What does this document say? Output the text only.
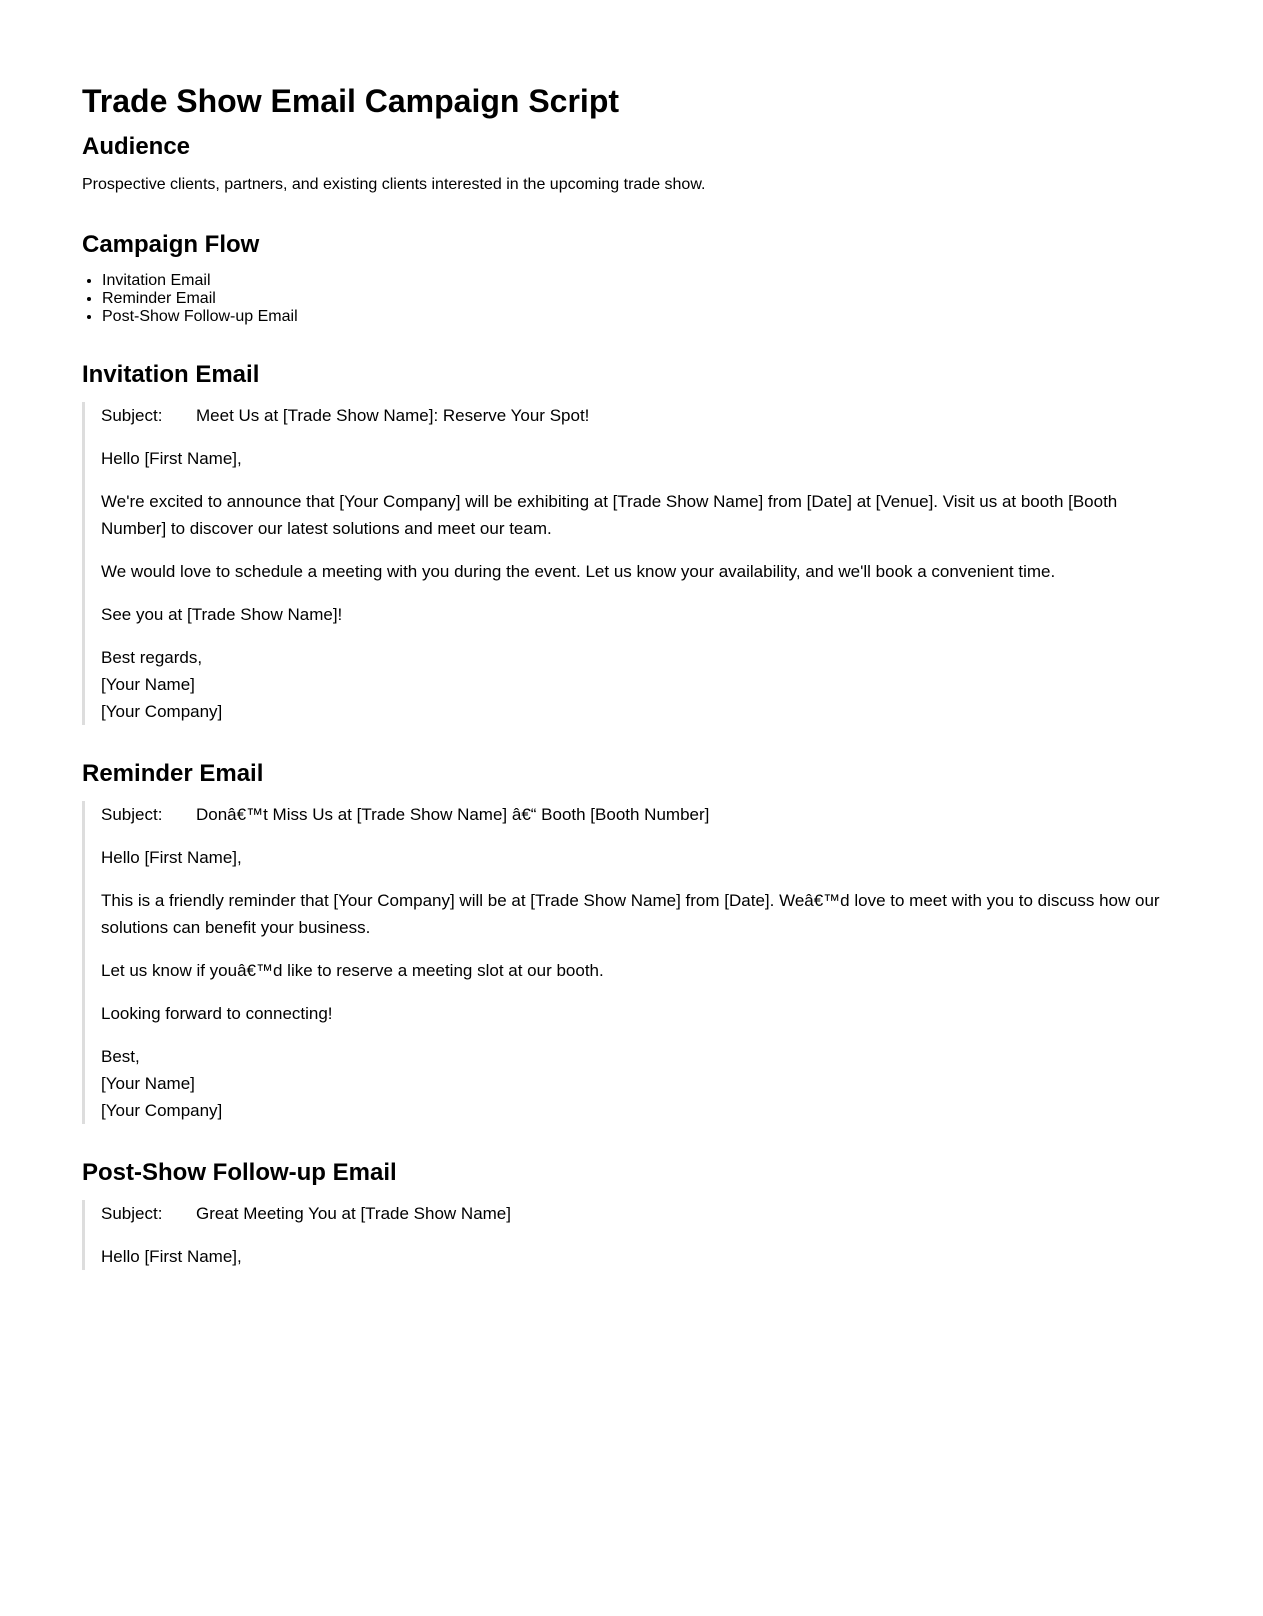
Trade Show Email Campaign Script
Audience

Prospective clients, partners, and existing clients interested in the upcoming trade show.

Campaign Flow
• Invitation Email
• Reminder Email
• Post-Show Follow-up Email
Invitation Email
Subject:	Meet Us at [Trade Show Name]: Reserve Your Spot!

Hello [First Name],

We're excited to announce that [Your Company] will be exhibiting at [Trade Show Name] from [Date] at [Venue]. Visit us at booth [Booth Number] to discover our latest solutions and meet our team.

We would love to schedule a meeting with you during the event. Let us know your availability, and we'll book a convenient time.

See you at [Trade Show Name]!

Best regards,
[Your Name]
[Your Company]

Reminder Email
Subject:	Donâ€™t Miss Us at [Trade Show Name] â€“ Booth [Booth Number]

Hello [First Name],

This is a friendly reminder that [Your Company] will be at [Trade Show Name] from [Date]. Weâ€™d love to meet with you to discuss how our solutions can benefit your business.

Let us know if youâ€™d like to reserve a meeting slot at our booth.

Looking forward to connecting!

Best,
[Your Name]
[Your Company]

Post-Show Follow-up Email
Subject:	Great Meeting You at [Trade Show Name]

Hello [First Name],
